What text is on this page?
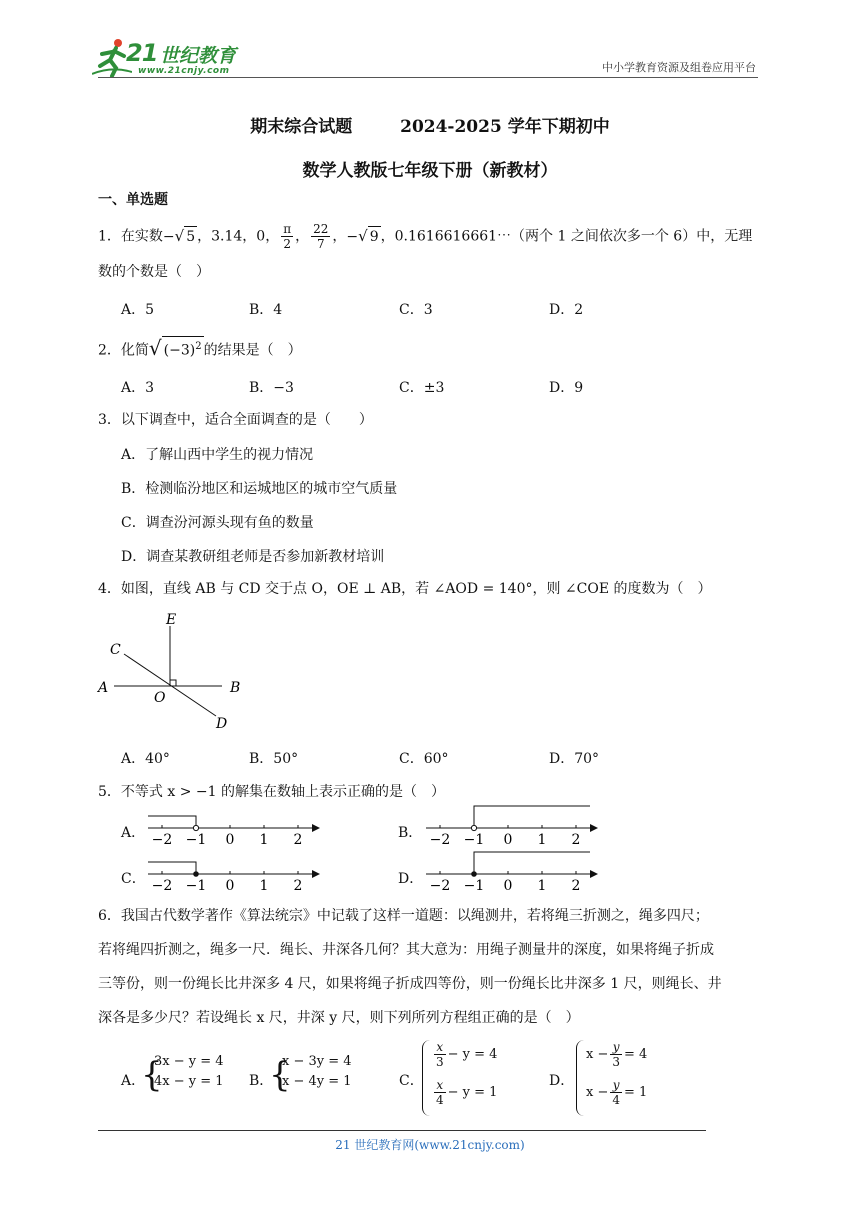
21 世纪教育
www.21cnjy.com	中小学教育资源及组卷应用平台
期末综合试题	2024-2025 学年下期初中
数学人教版七年级下册（新教材）
一、单选题
1．在实数−√ 5 ，3.14，0， $\frac{\pi}{2}$ ， $\frac{22}{7}$ ，−√ 9 ，0.1616616661⋯（两个 1 之间依次多一个 6）中，无理
数的个数是（　）
A．5	B．4	C．3	D．2
2．化简√ $(-3)^2$ 的结果是（　）
A．3	B．−3	C．±3	D．9
3．以下调查中，适合全面调查的是（　　）
A．了解山西中学生的视力情况
B．检测临汾地区和运城地区的城市空气质量
C．调查汾河源头现有鱼的数量
D．调查某教研组老师是否参加新教材培训
4．如图，直线 AB 与 CD 交于点 O，OE ⊥ AB，若 ∠AOD = 140°，则 ∠COE 的度数为（　）
A	B
C
D
E
O
A．40°	B．50°	C．60°	D．70°
5．不等式 x > −1 的解集在数轴上表示正确的是（　）
A． −2 −1 0 1 2	B． −2 −1 0 1 2
C． −2 −1 0 1 2	D． −2 −1 0 1 2
6．我国古代数学著作《算法统宗》中记载了这样一道题：以绳测井，若将绳三折测之，绳多四尺；
若将绳四折测之，绳多一尺．绳长、井深各几何？其大意为：用绳子测量井的深度，如果将绳子折成
三等份，则一份绳长比井深多 4 尺，如果将绳子折成四等份，则一份绳长比井深多 1 尺，则绳长、井
深各是多少尺？若设绳长 x 尺，井深 y 尺，则下列所列方程组正确的是（　）
A．
{
3x − y = 4
4x − y = 1 B．
{
x − 3y = 4
x − 4y = 1	C．
$\frac{x}{3} - y = 4$
$\frac{x}{4} - y = 1$
D．
$x - \frac{y}{3} = 4$
$x - \frac{y}{4} = 1$
21 世纪教育网(www.21cnjy.com)
